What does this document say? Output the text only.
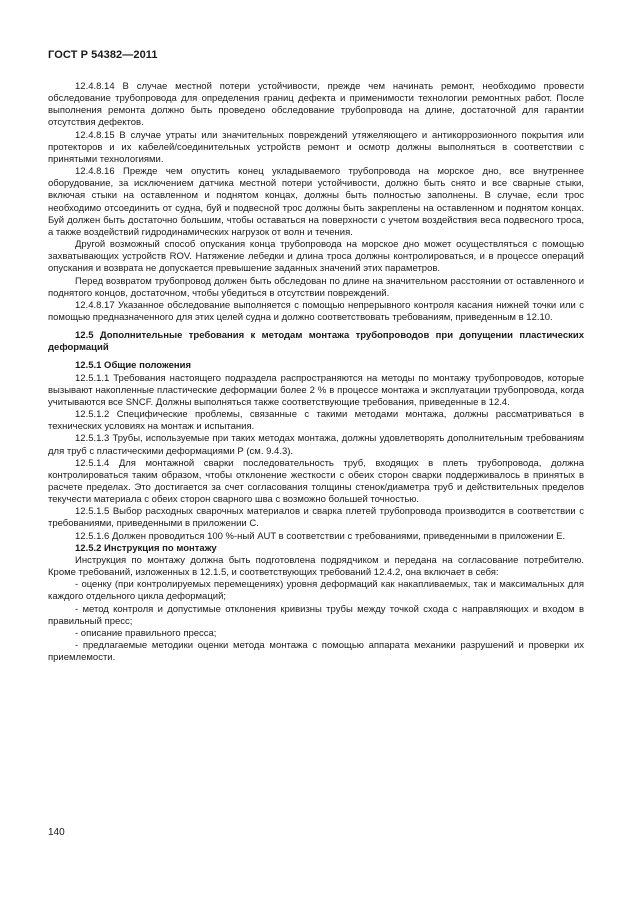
ГОСТ Р 54382—2011

12.4.8.14 В случае местной потери устойчивости, прежде чем начинать ремонт, необходимо провести обследование трубопровода для определения границ дефекта и применимости технологии ремонтных работ. После выполнения ремонта должно быть проведено обследование трубопровода на длине, достаточной для гарантии отсутствия дефектов.

12.4.8.15 В случае утраты или значительных повреждений утяжеляющего и антикоррозионного покрытия или протекторов и их кабелей/соединительных устройств ремонт и осмотр должны выполняться в соответствии с принятыми технологиями.

12.4.8.16 Прежде чем опустить конец укладываемого трубопровода на морское дно, все внутреннее оборудование, за исключением датчика местной потери устойчивости, должно быть снято и все сварные стыки, включая стыки на оставленном и поднятом концах, должны быть полностью заполнены. В случае, если трос необходимо отсоединить от судна, буй и подвесной трос должны быть закреплены на оставленном и поднятом концах. Буй должен быть достаточно большим, чтобы оставаться на поверхности с учетом воздействия веса подвесного троса, а также воздействий гидродинамических нагрузок от волн и течения.

Другой возможный способ опускания конца трубопровода на морское дно может осуществляться с помощью захватывающих устройств ROV. Натяжение лебедки и длина троса должны контролироваться, и в процессе операций опускания и возврата не допускается превышение заданных значений этих параметров.

Перед возвратом трубопровод должен быть обследован по длине на значительном расстоянии от оставленного и поднятого концов, достаточном, чтобы убедиться в отсутствии повреждений.

12.4.8.17 Указанное обследование выполняется с помощью непрерывного контроля касания нижней точки или с помощью предназначенного для этих целей судна и должно соответствовать требованиям, приведенным в 12.10.

12.5 Дополнительные требования к методам монтажа трубопроводов при допущении пластических деформаций

12.5.1 Общие положения

12.5.1.1 Требования настоящего подраздела распространяются на методы по монтажу трубопроводов, которые вызывают накопленные пластические деформации более 2 % в процессе монтажа и эксплуатации трубопровода, когда учитываются все SNCF. Должны выполняться также соответствующие требования, приведенные в 12.4.

12.5.1.2 Специфические проблемы, связанные с такими методами монтажа, должны рассматриваться в технических условиях на монтаж и испытания.

12.5.1.3 Трубы, используемые при таких методах монтажа, должны удовлетворять дополнительным требованиям для труб с пластическими деформациями Р (см. 9.4.3).

12.5.1.4 Для монтажной сварки последовательность труб, входящих в плеть трубопровода, должна контролироваться таким образом, чтобы отклонение жесткости с обеих сторон сварки поддерживалось в принятых в расчете пределах. Это достигается за счет согласования толщины стенок/диаметра труб и действительных пределов текучести материала с обеих сторон сварного шва с возможно большей точностью.

12.5.1.5 Выбор расходных сварочных материалов и сварка плетей трубопровода производится в соответствии с требованиями, приведенными в приложении С.

12.5.1.6 Должен проводиться 100 %-ный AUT в соответствии с требованиями, приведенными в приложении Е.

12.5.2 Инструкция по монтажу

Инструкция по монтажу должна быть подготовлена подрядчиком и передана на согласование потребителю. Кроме требований, изложенных в 12.1.5, и соответствующих требований 12.4.2, она включает в себя:

- оценку (при контролируемых перемещениях) уровня деформаций как накапливаемых, так и максимальных для каждого отдельного цикла деформаций;

- метод контроля и допустимые отклонения кривизны трубы между точкой схода с направляющих и входом в правильный пресс;

- описание правильного пресса;

- предлагаемые методики оценки метода монтажа с помощью аппарата механики разрушений и проверки их приемлемости.

140
